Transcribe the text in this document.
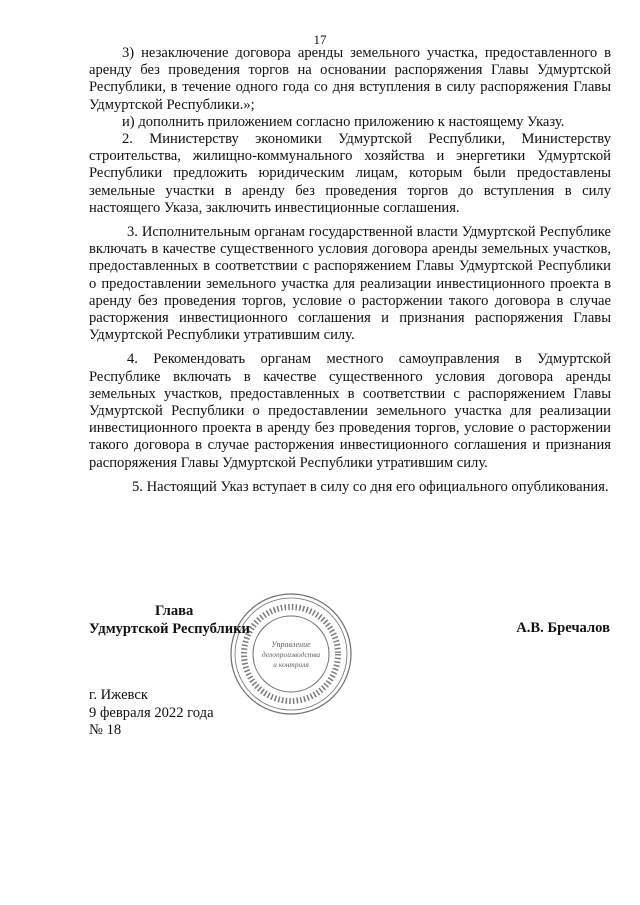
17

3) незаключение договора аренды земельного участка, предоставленного в аренду без проведения торгов на основании распоряжения Главы Удмуртской Республики, в течение одного года со дня вступления в силу распоряжения Главы Удмуртской Республики.»;

и) дополнить приложением согласно приложению к настоящему Указу.

2. Министерству экономики Удмуртской Республики, Министерству строительства, жилищно-коммунального хозяйства и энергетики Удмуртской Республики предложить юридическим лицам, которым были предоставлены земельные участки в аренду без проведения торгов до вступления в силу настоящего Указа, заключить инвестиционные соглашения.

3. Исполнительным органам государственной власти Удмуртской Республике включать в качестве существенного условия договора аренды земельных участков, предоставленных в соответствии с распоряжением Главы Удмуртской Республики о предоставлении земельного участка для реализации инвестиционного проекта в аренду без проведения торгов, условие о расторжении такого договора в случае расторжения инвестиционного соглашения и признания распоряжения Главы Удмуртской Республики утратившим силу.

4. Рекомендовать органам местного самоуправления в Удмуртской Республике включать в качестве существенного условия договора аренды земельных участков, предоставленных в соответствии с распоряжением Главы Удмуртской Республики о предоставлении земельного участка для реализации инвестиционного проекта в аренду без проведения торгов, условие о расторжении такого договора в случае расторжения инвестиционного соглашения и признания распоряжения Главы Удмуртской Республики утратившим силу.

5. Настоящий Указ вступает в силу со дня его официального опубликования.

Управление
делопроизводства
и контроля
Глава
Удмуртской Республики	А.В. Бречалов
г. Ижевск
9 февраля 2022 года
№ 18
